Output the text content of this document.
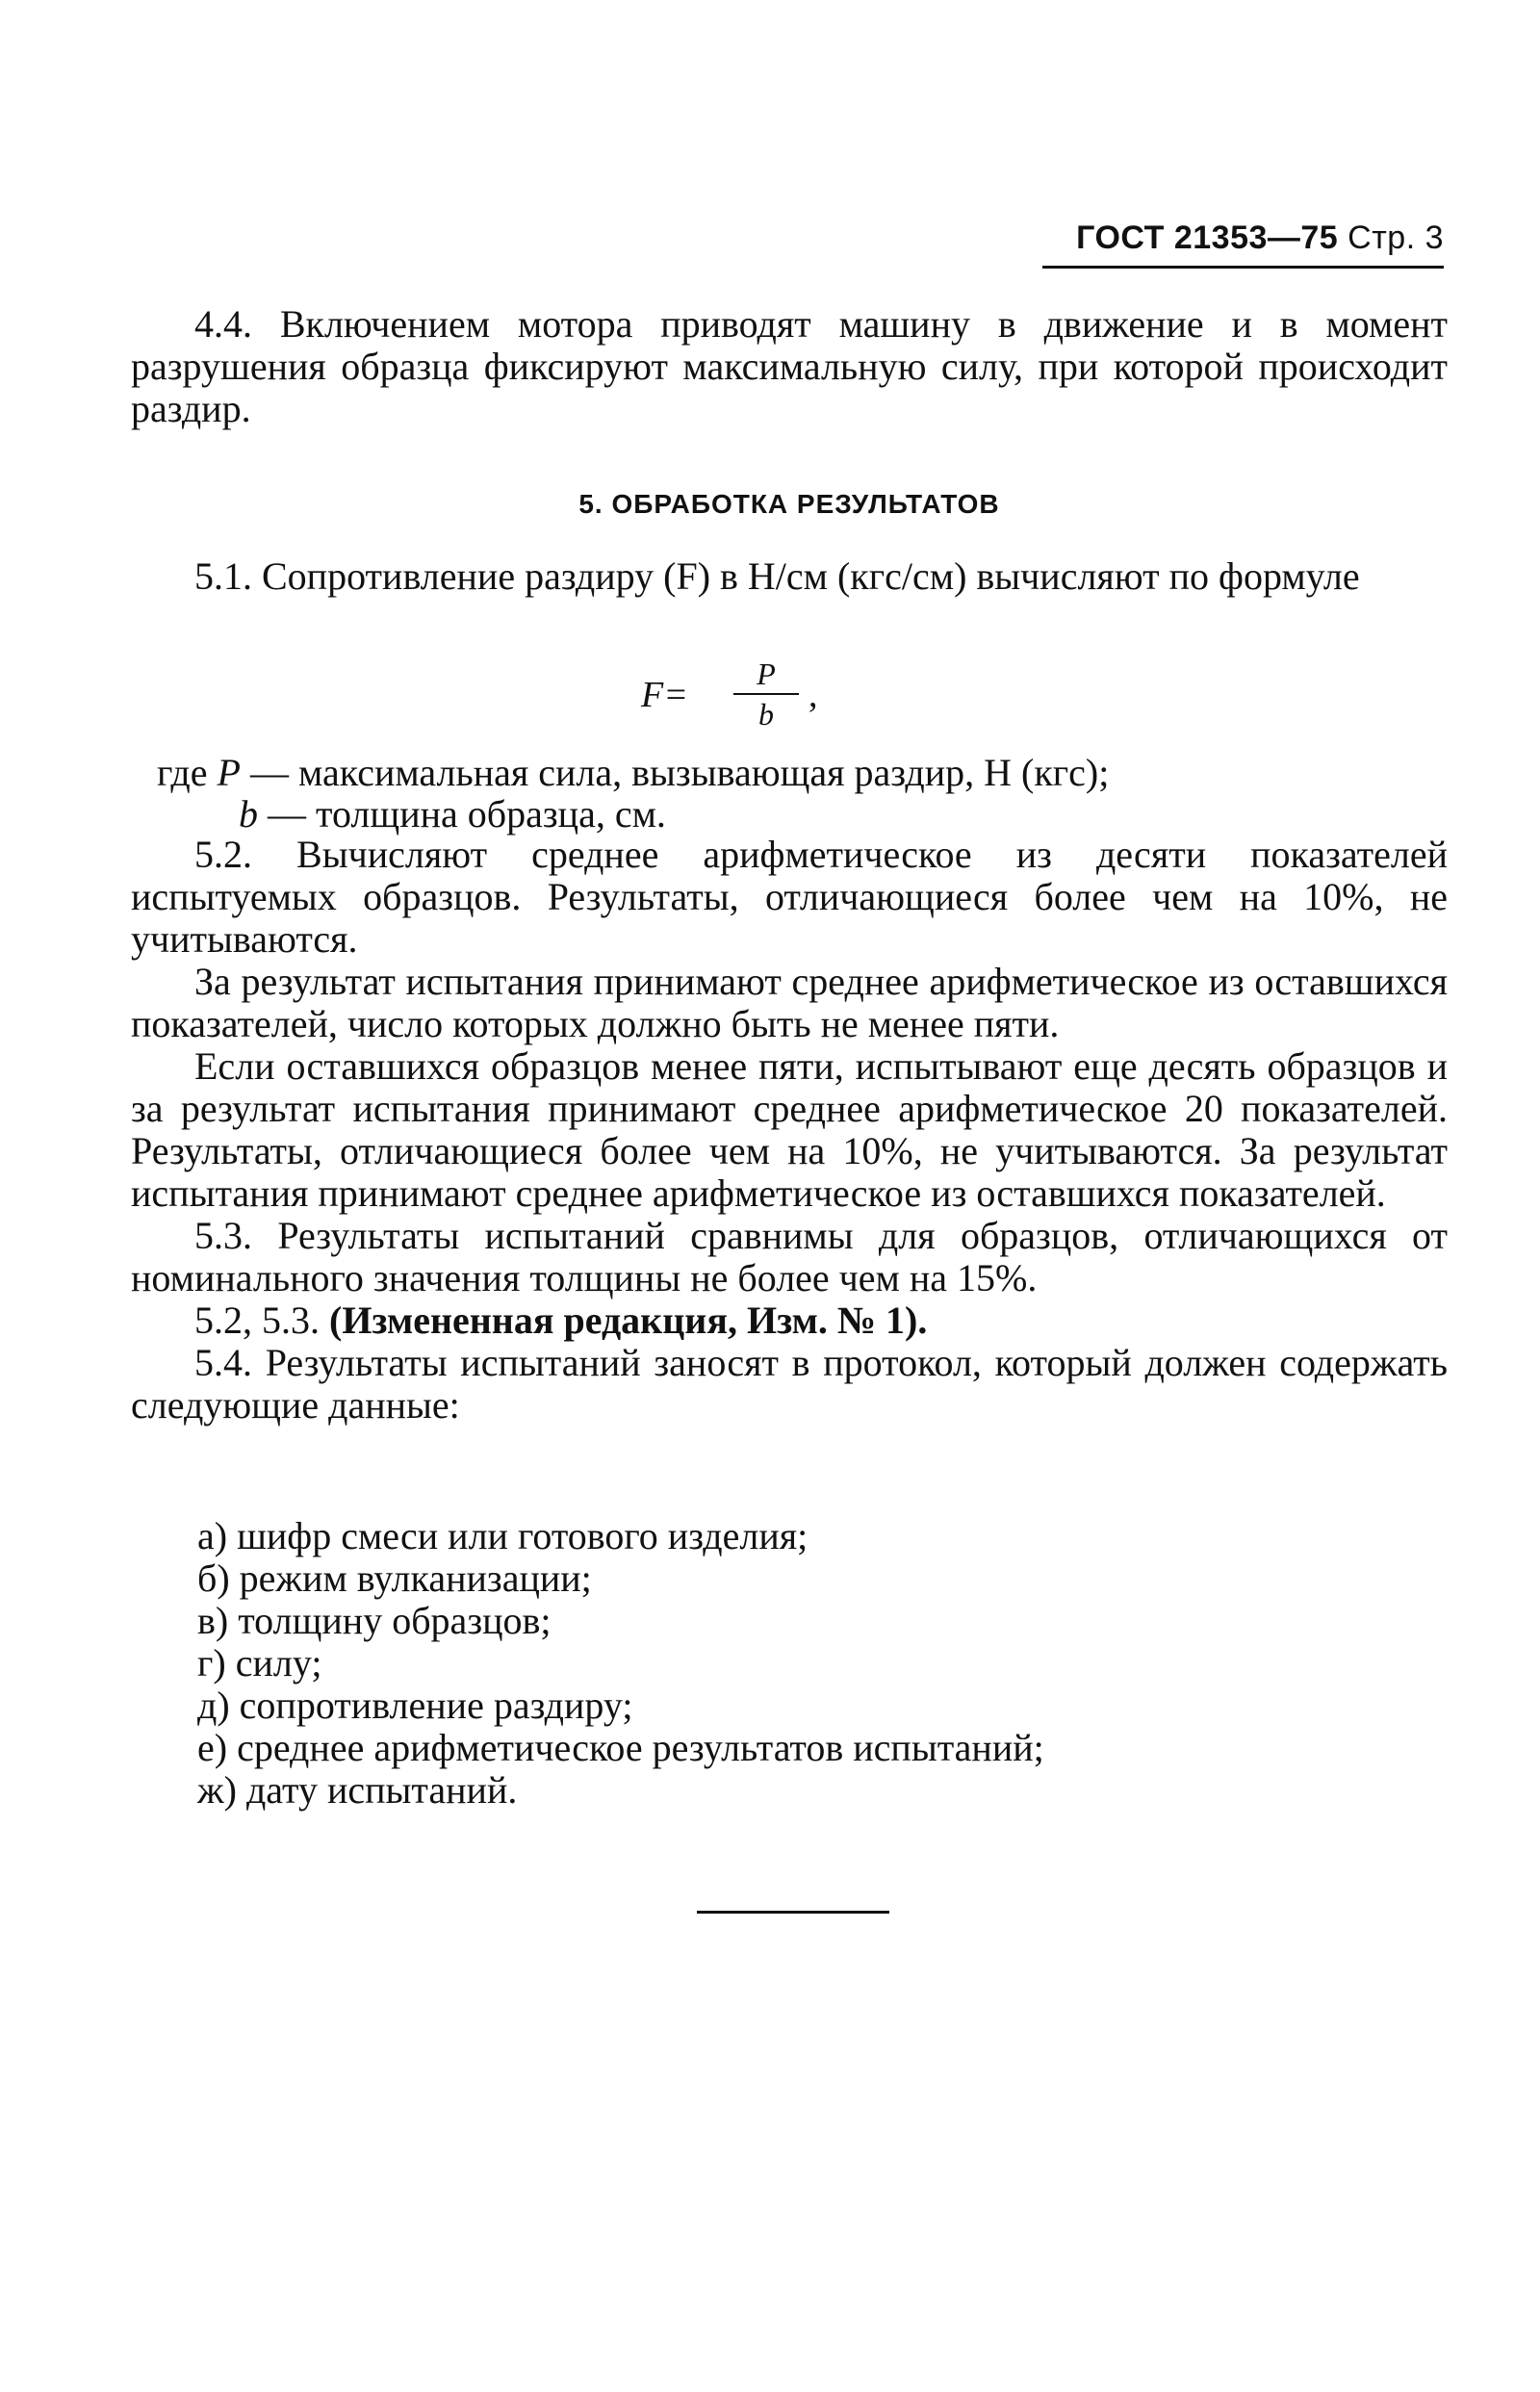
ГОСТ 21353—75 Стр. 3

4.4. Включением мотора приводят машину в движение и в момент разрушения образца фиксируют максимальную силу, при которой происходит раздир.

5. ОБРАБОТКА РЕЗУЛЬТАТОВ

5.1. Сопротивление раздиру (F) в Н/см (кгс/см) вычисляют по формуле

F=
P
b ,
где P — максимальная сила, вызывающая раздир, Н (кгс);
b — толщина образца, см.

5.2. Вычисляют среднее арифметическое из десяти показателей испытуемых образцов. Результаты, отличающиеся более чем на 10%, не учитываются.

За результат испытания принимают среднее арифметическое из оставшихся показателей, число которых должно быть не менее пяти.

Если оставшихся образцов менее пяти, испытывают еще десять образцов и за результат испытания принимают среднее арифметическое 20 показателей. Результаты, отличающиеся более чем на 10%, не учитываются. За результат испытания принимают среднее арифметическое из оставшихся показателей.

5.3. Результаты испытаний сравнимы для образцов, отличающихся от номинального значения толщины не более чем на 15%.

5.2, 5.3. (Измененная редакция, Изм. № 1).

5.4. Результаты испытаний заносят в протокол, который должен содержать следующие данные:

а) шифр смеси или готового изделия;
б) режим вулканизации;
в) толщину образцов;
г) силу;
д) сопротивление раздиру;
е) среднее арифметическое результатов испытаний;
ж) дату испытаний.
